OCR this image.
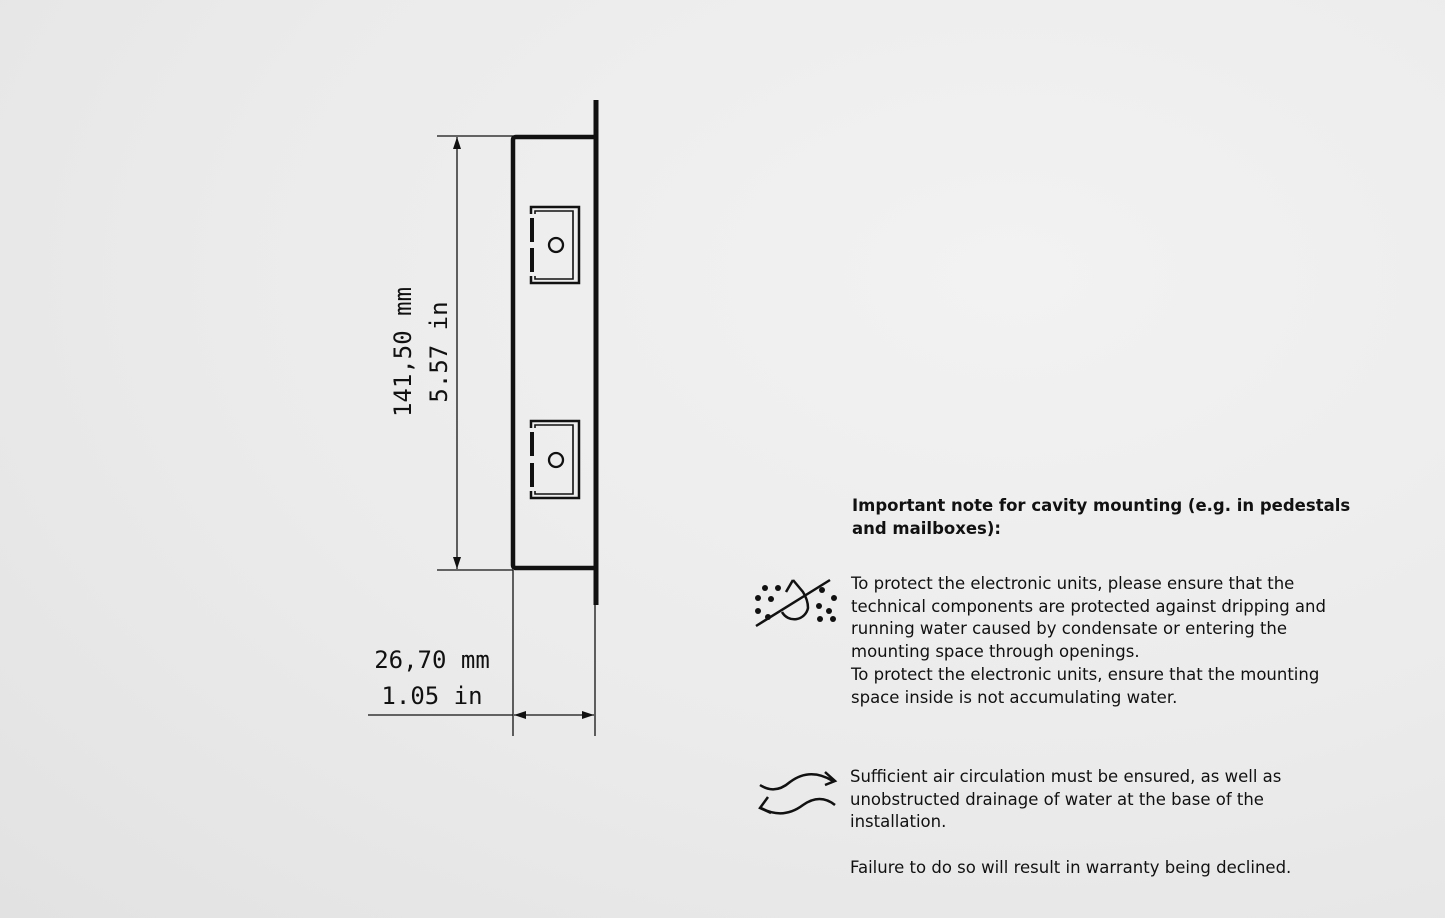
141,50 mm 5.57 in
26,70 mm
1.05 in
Important note for cavity mounting (e.g. in pedestals and mailboxes):
To protect the electronic units, please ensure that the
technical components are protected against dripping and
running water caused by condensate or entering the
mounting space through openings.
To protect the electronic units, ensure that the mounting
space inside is not accumulating water.
Sufficient air circulation must be ensured, as well as
unobstructed drainage of water at the base of the
installation.
Failure to do so will result in warranty being declined.
